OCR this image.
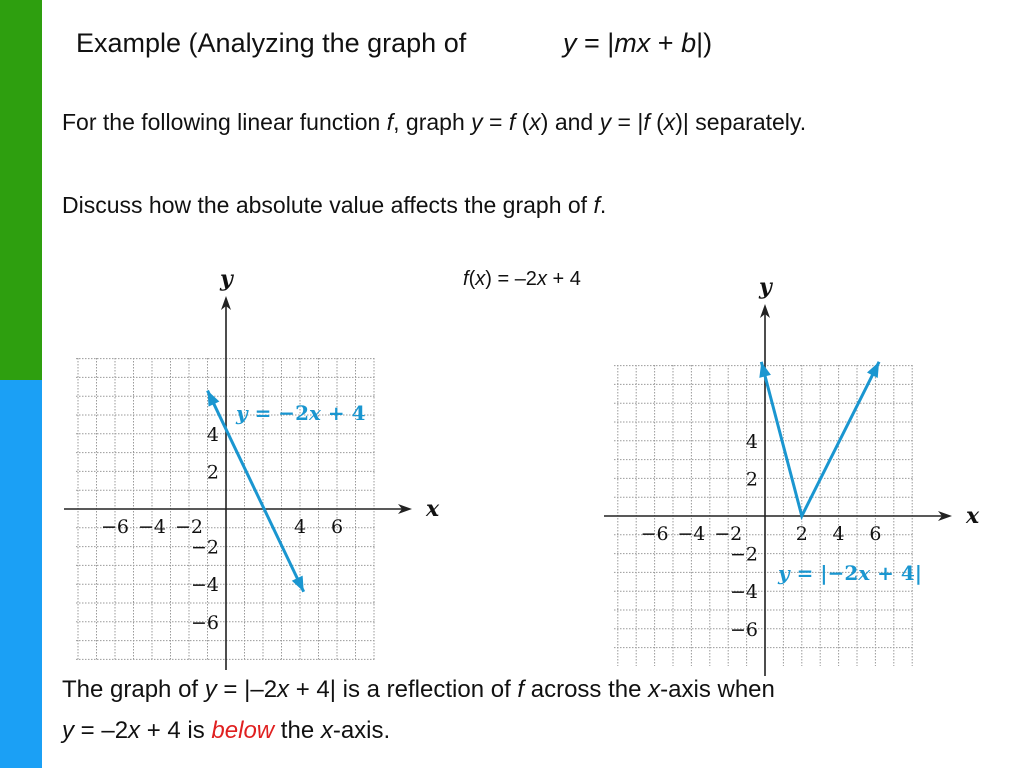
Example (Analyzing the graph of	y = |mx + b|)
For the following linear function f, graph y = f (x) and y = |f (x)| separately.
Discuss how the absolute value affects the graph of f.
f(x) = –2x + 4
x
y
−6 −4 −2	4 6
4
2
−2
−4
−6
y = −2x + 4
x
y
−6 −4 −2	2 4 6
4
2
−2
−4
−6
y = |−2x + 4|
The graph of y = |–2x + 4| is a reflection of f across the x-axis when
y = –2x + 4 is below the x-axis.
